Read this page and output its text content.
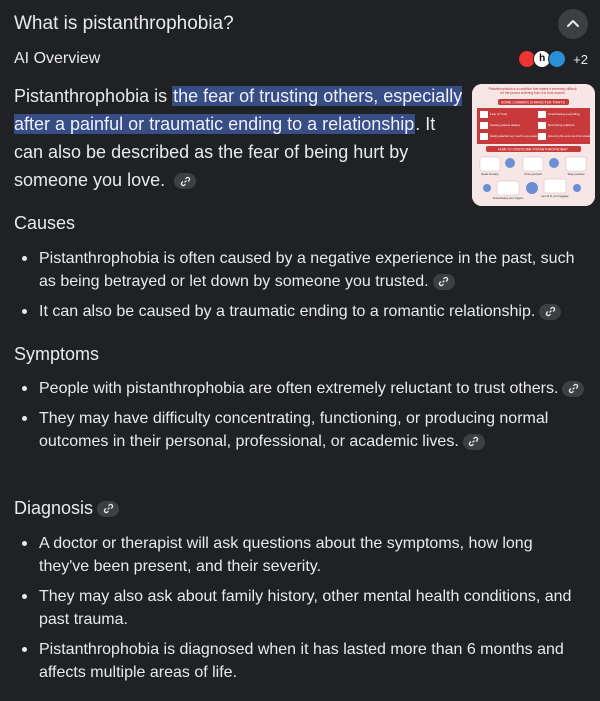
What is pistanthrophobia?
AI Overview	h	+2
Pistanthrophobia is the fear of trusting others, especially after a painful or traumatic ending to a relationship. It can also be described as the fear of being hurt by someone you love.
Pistanthrophobia is a condition that makes it extremely difficult for the person suffering from it to trust anyone.
SOME COMMON CHARACTER TRAITS
Fear of Trust	Overthinking everything
Feeling jealous always	Not finding relations
Getting attached very much to one person	Assuming the worst out of the situation
HOW TO OVERCOME PISTANTHROPHOBIA?
Seek therapy	Find yourself	Stay positive
Acknowledge your triggers
Get rid of your baggage
Causes
Pistanthrophobia is often caused by a negative experience in the past, such as being betrayed or let down by someone you trusted.
It can also be caused by a traumatic ending to a romantic relationship.
Symptoms
People with pistanthrophobia are often extremely reluctant to trust others.
They may have difficulty concentrating, functioning, or producing normal outcomes in their personal, professional, or academic lives.
Diagnosis
A doctor or therapist will ask questions about the symptoms, how long they've been present, and their severity.
They may also ask about family history, other mental health conditions, and past trauma.
Pistanthrophobia is diagnosed when it has lasted more than 6 months and affects multiple areas of life.
